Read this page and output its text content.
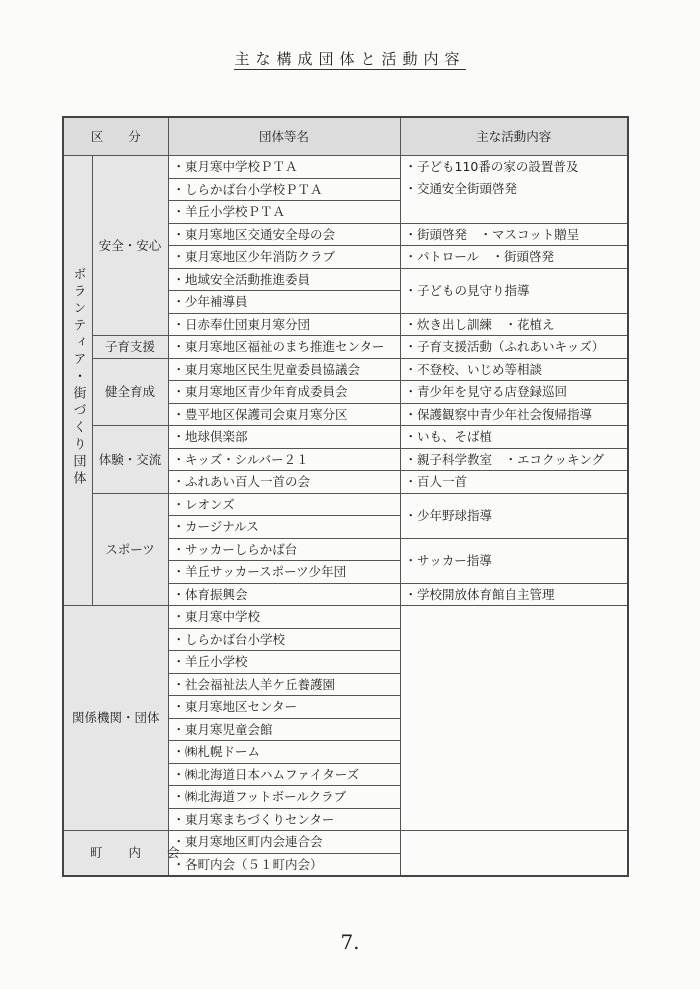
主な構成団体と活動内容
区　　分		団体等名	主な活動内容
ボランティア・街づくり団体	安全・安心	・東月寒中学校ＰＴＡ	・子ども110番の家の設置普及
・交通安全街頭啓発

		・しらかば台小学校ＰＴＡ	
		・羊丘小学校ＰＴＡ	
		・東月寒地区交通安全母の会	・街頭啓発　・マスコット贈呈
		・東月寒地区少年消防クラブ	・パトロール　・街頭啓発
		・地域安全活動推進委員	・子どもの見守り指導
		・少年補導員	
		・日赤奉仕団東月寒分団	・炊き出し訓練　・花植え
	子育支援	・東月寒地区福祉のまち推進センター	・子育支援活動（ふれあいキッズ）
	健全育成	・東月寒地区民生児童委員協議会	・不登校、いじめ等相談
		・東月寒地区青少年育成委員会	・青少年を見守る店登録巡回
		・豊平地区保護司会東月寒分区	・保護観察中青少年社会復帰指導
	体験・交流	・地球倶楽部	・いも、そば植
		・キッズ・シルバー２１	・親子科学教室　・エコクッキング
		・ふれあい百人一首の会	・百人一首
	スポーツ	・レオンズ	・少年野球指導
		・カージナルス	
		・サッカーしらかば台	・サッカー指導
		・羊丘サッカースポーツ少年団	
		・体育振興会	・学校開放体育館自主管理
関係機関・団体		・東月寒中学校	
		・しらかば台小学校	
		・羊丘小学校	
		・社会福祉法人羊ケ丘養護園	
		・東月寒地区センター	
		・東月寒児童会館	
		・㈱札幌ドーム	
		・㈱北海道日本ハムファイターズ	
		・㈱北海道フットボールクラブ	
		・東月寒まちづくりセンター	
町内会		・東月寒地区町内会連合会	
		・各町内会（５１町内会）	
7.
